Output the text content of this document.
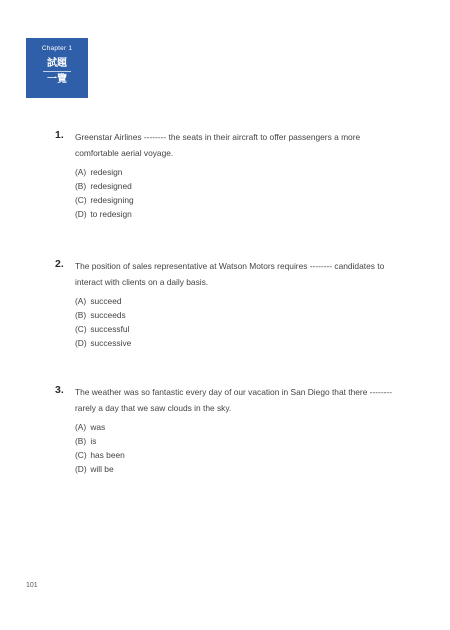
Chapter 1
試題
一覽
1. Greenstar Airlines -------- the seats in their aircraft to offer passengers a more comfortable aerial voyage.
(A) redesign
(B) redesigned
(C) redesigning
(D) to redesign
2. The position of sales representative at Watson Motors requires -------- candidates to interact with clients on a daily basis.
(A) succeed
(B) succeeds
(C) successful
(D) successive
3. The weather was so fantastic every day of our vacation in San Diego that there -------- rarely a day that we saw clouds in the sky.
(A) was
(B) is
(C) has been
(D) will be
101
